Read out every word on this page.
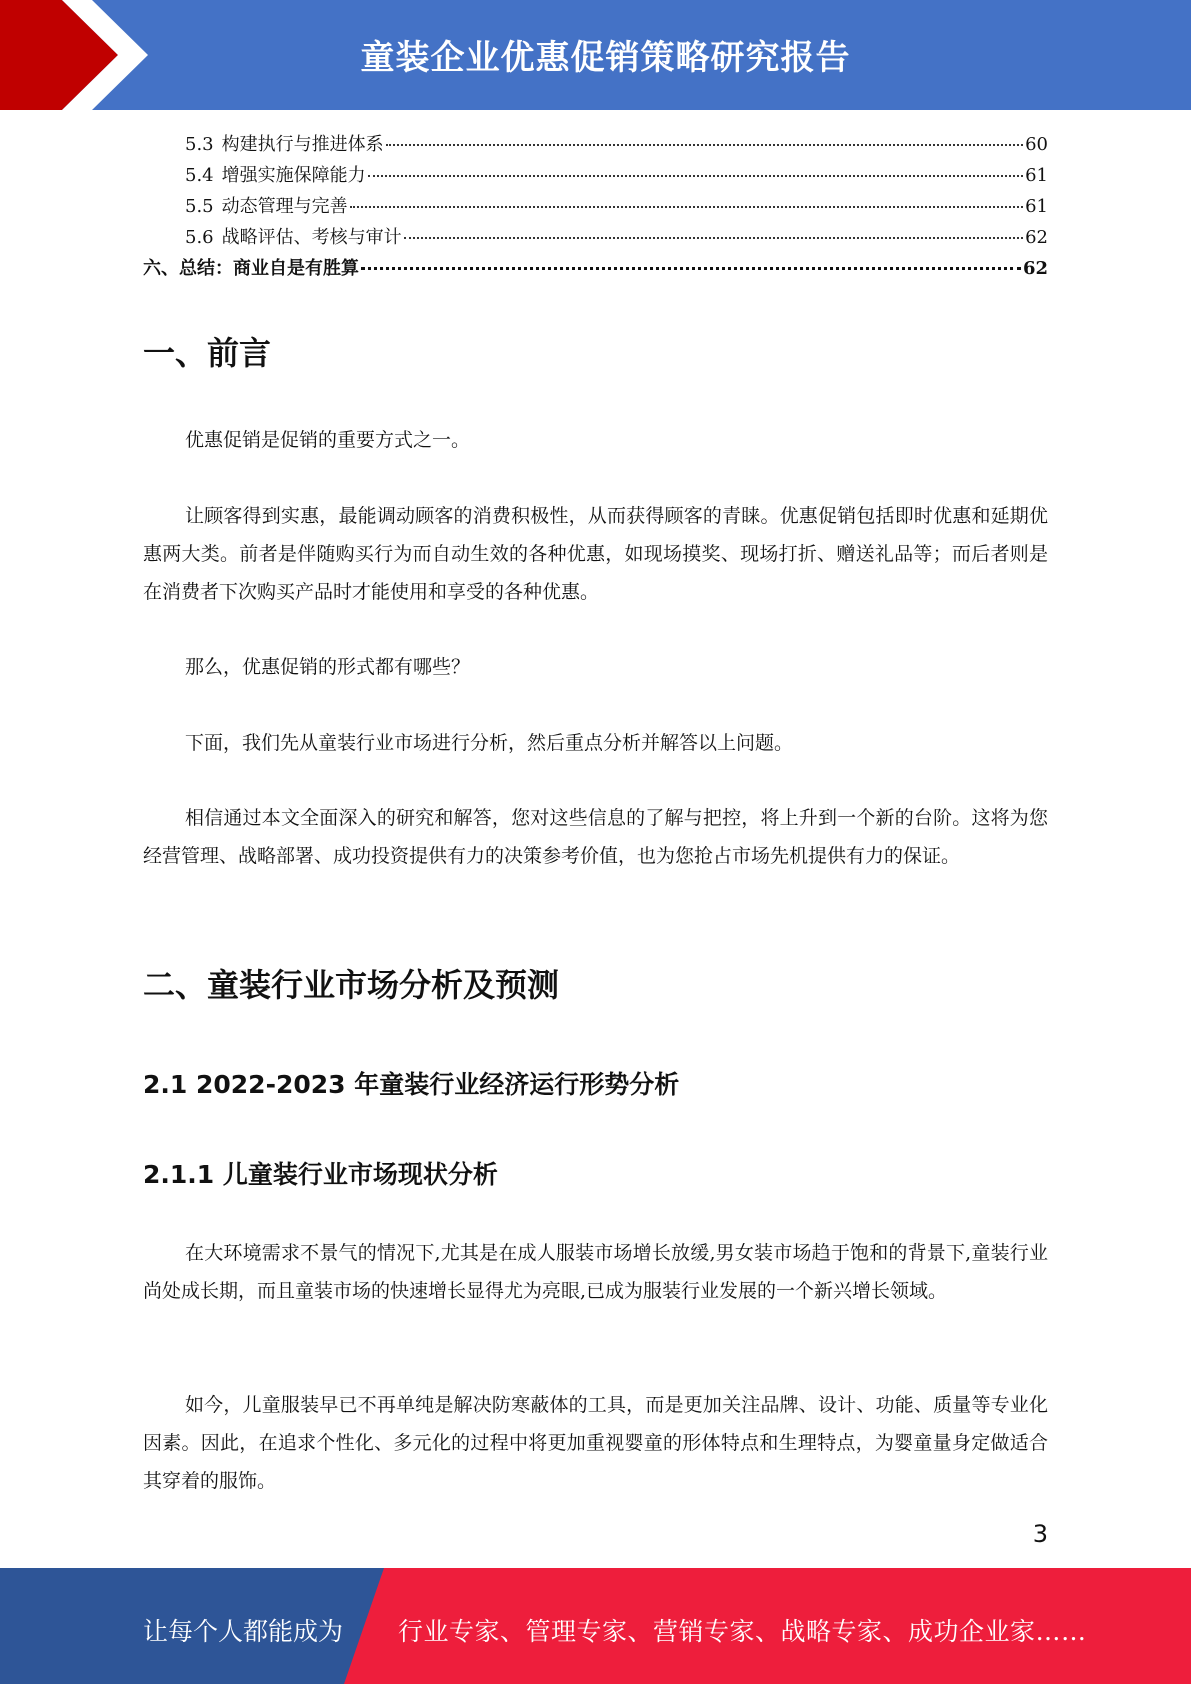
童装企业优惠促销策略研究报告
5.3 构建执行与推进体系	60
5.4 增强实施保障能力	61
5.5 动态管理与完善	61
5.6 战略评估、考核与审计	62
六、总结：商业自是有胜算	62
一、前言

优惠促销是促销的重要方式之一。

让顾客得到实惠，最能调动顾客的消费积极性，从而获得顾客的青睐。优惠促销包括即时优惠和延期优惠两大类。前者是伴随购买行为而自动生效的各种优惠，如现场摸奖、现场打折、赠送礼品等；而后者则是在消费者下次购买产品时才能使用和享受的各种优惠。

那么，优惠促销的形式都有哪些？

下面，我们先从童装行业市场进行分析，然后重点分析并解答以上问题。

相信通过本文全面深入的研究和解答，您对这些信息的了解与把控，将上升到一个新的台阶。这将为您经营管理、战略部署、成功投资提供有力的决策参考价值，也为您抢占市场先机提供有力的保证。

二、童装行业市场分析及预测
2.1 2022-2023 年童装行业经济运行形势分析
2.1.1 儿童装行业市场现状分析

在大环境需求不景气的情况下,尤其是在成人服装市场增长放缓,男女装市场趋于饱和的背景下,童装行业尚处成长期，而且童装市场的快速增长显得尤为亮眼,已成为服装行业发展的一个新兴增长领域。

如今，儿童服装早已不再单纯是解决防寒蔽体的工具，而是更加关注品牌、设计、功能、质量等专业化因素。因此，在追求个性化、多元化的过程中将更加重视婴童的形体特点和生理特点，为婴童量身定做适合其穿着的服饰。

3
让每个人都能成为 行业专家、管理专家、营销专家、战略专家、成功企业家……
